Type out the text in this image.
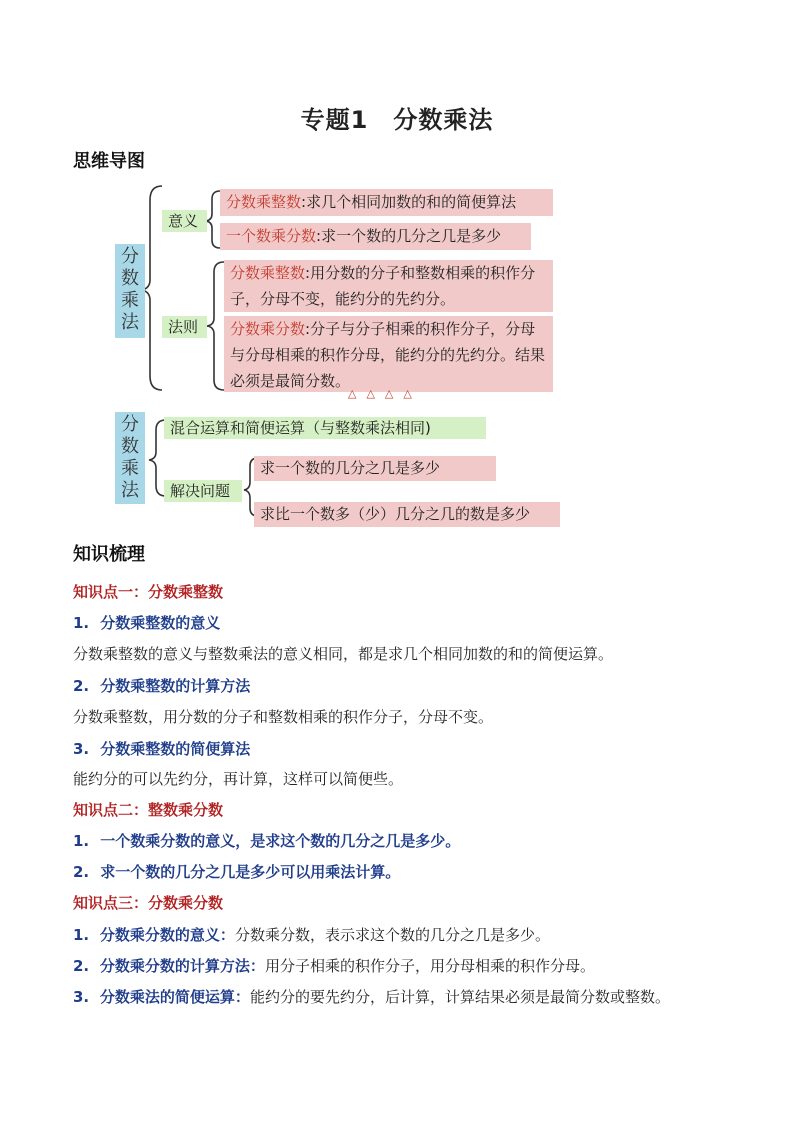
专题1　分数乘法
思维导图
分数乘法
意义
分数乘整数:求几个相同加数的和的简便算法
一个数乘分数:求一个数的几分之几是多少
法则
分数乘整数:用分数的分子和整数相乘的积作分子，分母不变，能约分的先约分。
分数乘分数:分子与分子相乘的积作分子，分母与分母相乘的积作分母，能约分的先约分。结果必须是最简分数。
△△△△
分数乘法
混合运算和简便运算（与整数乘法相同)
解决问题
求一个数的几分之几是多少
求比一个数多（少）几分之几的数是多少
知识梳理
知识点一：分数乘整数
1. 分数乘整数的意义
分数乘整数的意义与整数乘法的意义相同，都是求几个相同加数的和的简便运算。
2. 分数乘整数的计算方法
分数乘整数，用分数的分子和整数相乘的积作分子，分母不变。
3. 分数乘整数的简便算法
能约分的可以先约分，再计算，这样可以简便些。
知识点二：整数乘分数
1. 一个数乘分数的意义，是求这个数的几分之几是多少。
2. 求一个数的几分之几是多少可以用乘法计算。
知识点三：分数乘分数
1. 分数乘分数的意义：分数乘分数，表示求这个数的几分之几是多少。
2. 分数乘分数的计算方法：用分子相乘的积作分子，用分母相乘的积作分母。
3. 分数乘法的简便运算：能约分的要先约分，后计算，计算结果必须是最简分数或整数。
